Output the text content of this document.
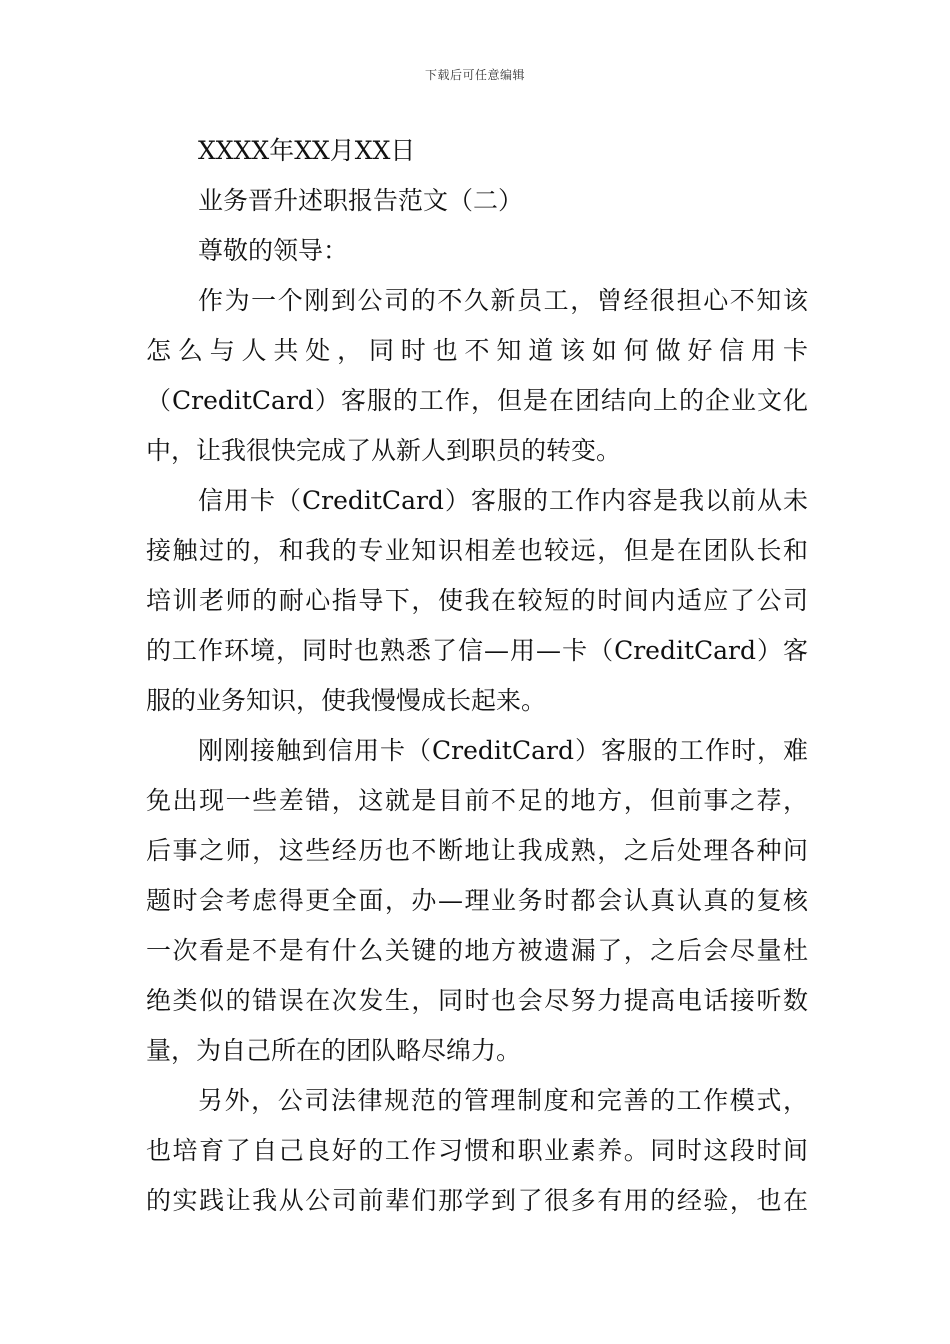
下载后可任意编辑
XXXX年XX月XX日
业务晋升述职报告范文（二）
尊敬的领导：
作为一个刚到公司的不久新员工，曾经很担心不知该
怎么与人共处，同时也不知道该如何做好信用卡
（CreditCard）客服的工作，但是在团结向上的企业文化
中，让我很快完成了从新人到职员的转变。
信用卡（CreditCard）客服的工作内容是我以前从未
接触过的，和我的专业知识相差也较远，但是在团队长和
培训老师的耐心指导下，使我在较短的时间内适应了公司
的工作环境，同时也熟悉了信—用—卡（CreditCard）客
服的业务知识，使我慢慢成长起来。
刚刚接触到信用卡（CreditCard）客服的工作时，难
免出现一些差错，这就是目前不足的地方，但前事之荐，
后事之师，这些经历也不断地让我成熟，之后处理各种问
题时会考虑得更全面，办—理业务时都会认真认真的复核
一次看是不是有什么关键的地方被遗漏了，之后会尽量杜
绝类似的错误在次发生，同时也会尽努力提高电话接听数
量，为自己所在的团队略尽绵力。
另外，公司法律规范的管理制度和完善的工作模式，
也培育了自己良好的工作习惯和职业素养。同时这段时间
的实践让我从公司前辈们那学到了很多有用的经验，也在
